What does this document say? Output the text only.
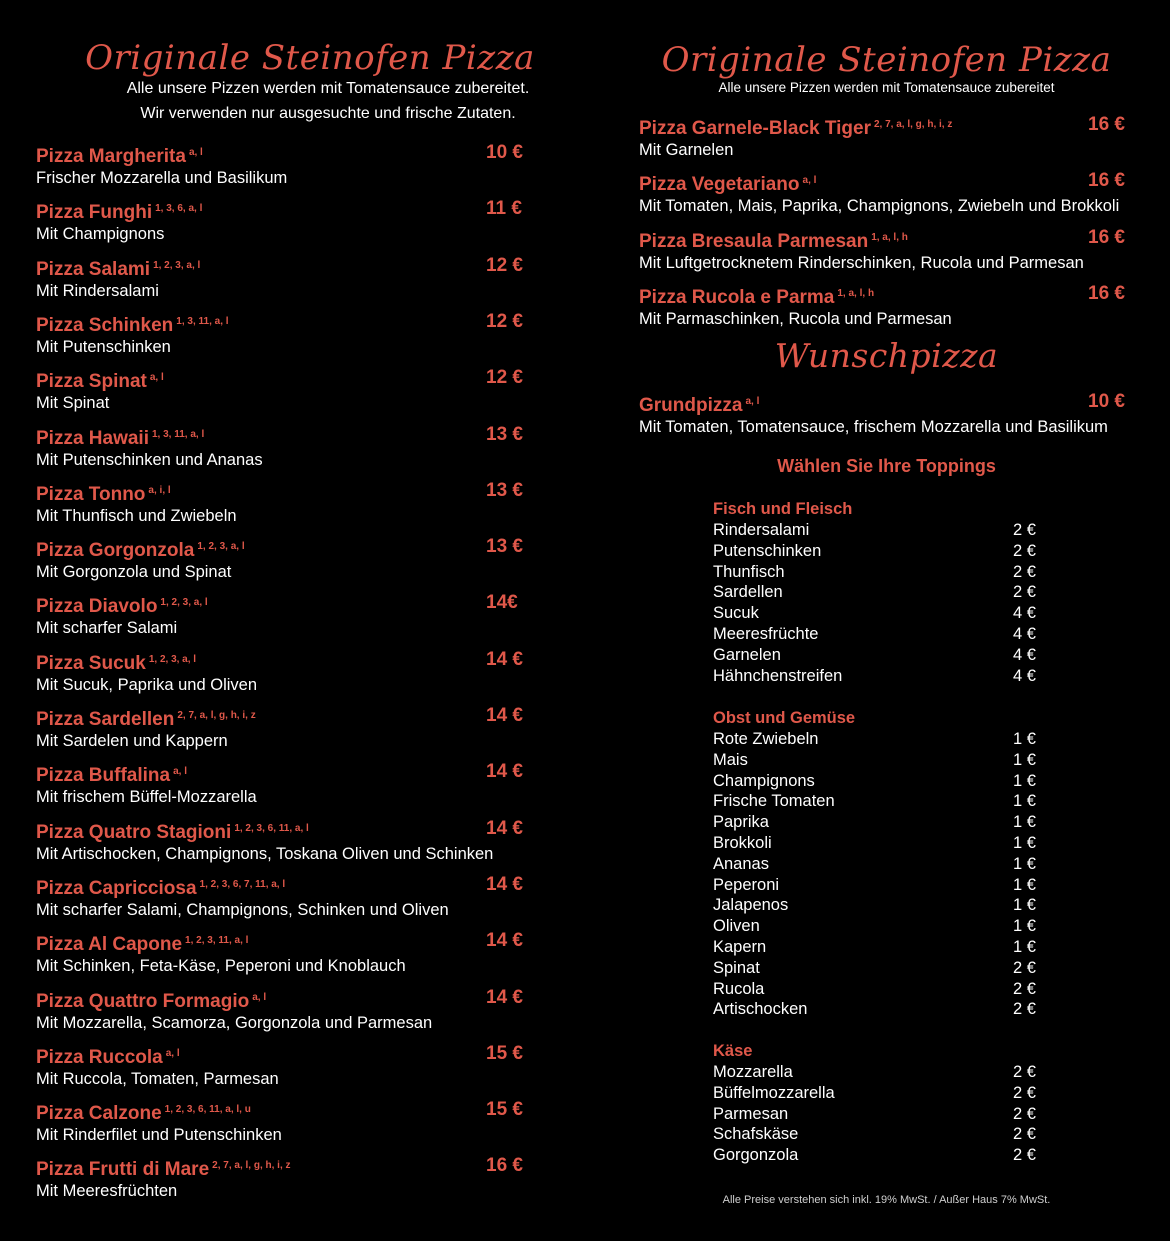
Originale Steinofen Pizza
Alle unsere Pizzen werden mit Tomatensauce zubereitet.
Wir verwenden nur ausgesuchte und frische Zutaten.
Pizza Margherita $^{a, l}$
Frischer Mozzarella und Basilikum
10 €
Pizza Funghi $^{1, 3, 6, a, l}$
Mit Champignons
11 €
Pizza Salami $^{1, 2, 3, a, l}$
Mit Rindersalami
12 €
Pizza Schinken $^{1, 3, 11, a, l}$
Mit Putenschinken
12 €
Pizza Spinat $^{a, l}$
Mit Spinat
12 €
Pizza Hawaii $^{1, 3, 11, a, l}$
Mit Putenschinken und Ananas
13 €
Pizza Tonno $^{a, i, l}$
Mit Thunfisch und Zwiebeln
13 €
Pizza Gorgonzola $^{1, 2, 3, a, l}$
Mit Gorgonzola und Spinat
13 €
Pizza Diavolo $^{1, 2, 3, a, l}$
Mit scharfer Salami
14€
Pizza Sucuk $^{1, 2, 3, a, l}$
Mit Sucuk, Paprika und Oliven
14 €
Pizza Sardellen $^{2, 7, a, l, g, h, i, z}$
Mit Sardelen und Kappern
14 €
Pizza Buffalina $^{a, l}$
Mit frischem Büffel-Mozzarella
14 €
Pizza Quatro Stagioni $^{1, 2, 3, 6, 11, a, l}$
Mit Artischocken, Champignons, Toskana Oliven und Schinken
14 €
Pizza Capricciosa $^{1, 2, 3, 6, 7, 11, a, l}$
Mit scharfer Salami, Champignons, Schinken und Oliven
14 €
Pizza Al Capone $^{1, 2, 3, 11, a, l}$
Mit Schinken, Feta-Käse, Peperoni und Knoblauch
14 €
Pizza Quattro Formagio $^{a, l}$
Mit Mozzarella, Scamorza, Gorgonzola und Parmesan
14 €
Pizza Ruccola $^{a, l}$
Mit Ruccola, Tomaten, Parmesan
15 €
Pizza Calzone $^{1, 2, 3, 6, 11, a, l, u}$
Mit Rinderfilet und Putenschinken
15 €
Pizza Frutti di Mare $^{2, 7, a, l, g, h, i, z}$
Mit Meeresfrüchten
16 €
Originale Steinofen Pizza
Alle unsere Pizzen werden mit Tomatensauce zubereitet
Pizza Garnele-Black Tiger $^{2, 7, a, l, g, h, i, z}$
Mit Garnelen
16 €
Pizza Vegetariano $^{a, l}$
Mit Tomaten, Mais, Paprika, Champignons, Zwiebeln und Brokkoli
16 €
Pizza Bresaula Parmesan $^{1, a, l, h}$
Mit Luftgetrocknetem Rinderschinken, Rucola und Parmesan
16 €
Pizza Rucola e Parma $^{1, a, l, h}$
Mit Parmaschinken, Rucola und Parmesan
16 €
Wunschpizza
Grundpizza $^{a, l}$
Mit Tomaten, Tomatensauce, frischem Mozzarella und Basilikum
10 €
Wählen Sie Ihre Toppings
Fisch und Fleisch
Rindersalami	2 €
Putenschinken	2 €
Thunfisch	2 €
Sardellen	2 €
Sucuk	4 €
Meeresfrüchte	4 €
Garnelen	4 €
Hähnchenstreifen	4 €
Obst und Gemüse
Rote Zwiebeln	1 €
Mais	1 €
Champignons	1 €
Frische Tomaten	1 €
Paprika	1 €
Brokkoli	1 €
Ananas	1 €
Peperoni	1 €
Jalapenos	1 €
Oliven	1 €
Kapern	1 €
Spinat	2 €
Rucola	2 €
Artischocken	2 €
Käse
Mozzarella	2 €
Büffelmozzarella	2 €
Parmesan	2 €
Schafskäse	2 €
Gorgonzola	2 €
Alle Preise verstehen sich inkl. 19% MwSt. / Außer Haus 7% MwSt.
